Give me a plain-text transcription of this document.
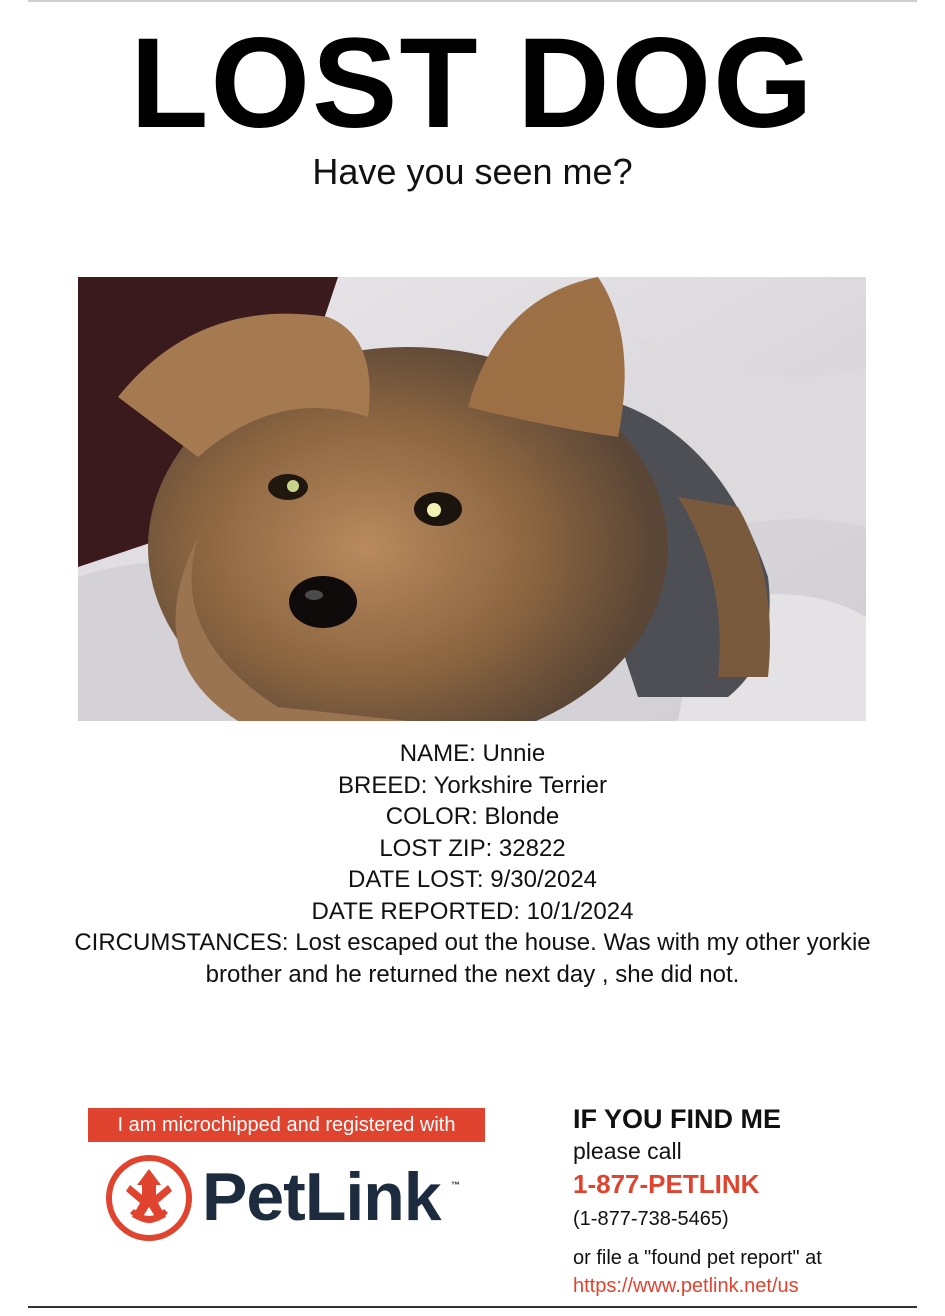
LOST DOG
Have you seen me?
NAME: Unnie
BREED: Yorkshire Terrier
COLOR: Blonde
LOST ZIP: 32822
DATE LOST: 9/30/2024
DATE REPORTED: 10/1/2024
CIRCUMSTANCES: Lost escaped out the house. Was with my other yorkie brother and he returned the next day , she did not.
I am microchipped and registered with
PetLink ™
IF YOU FIND ME
please call
1-877-PETLINK
(1-877-738-5465)
or file a "found pet report" at
https://www.petlink.net/us
